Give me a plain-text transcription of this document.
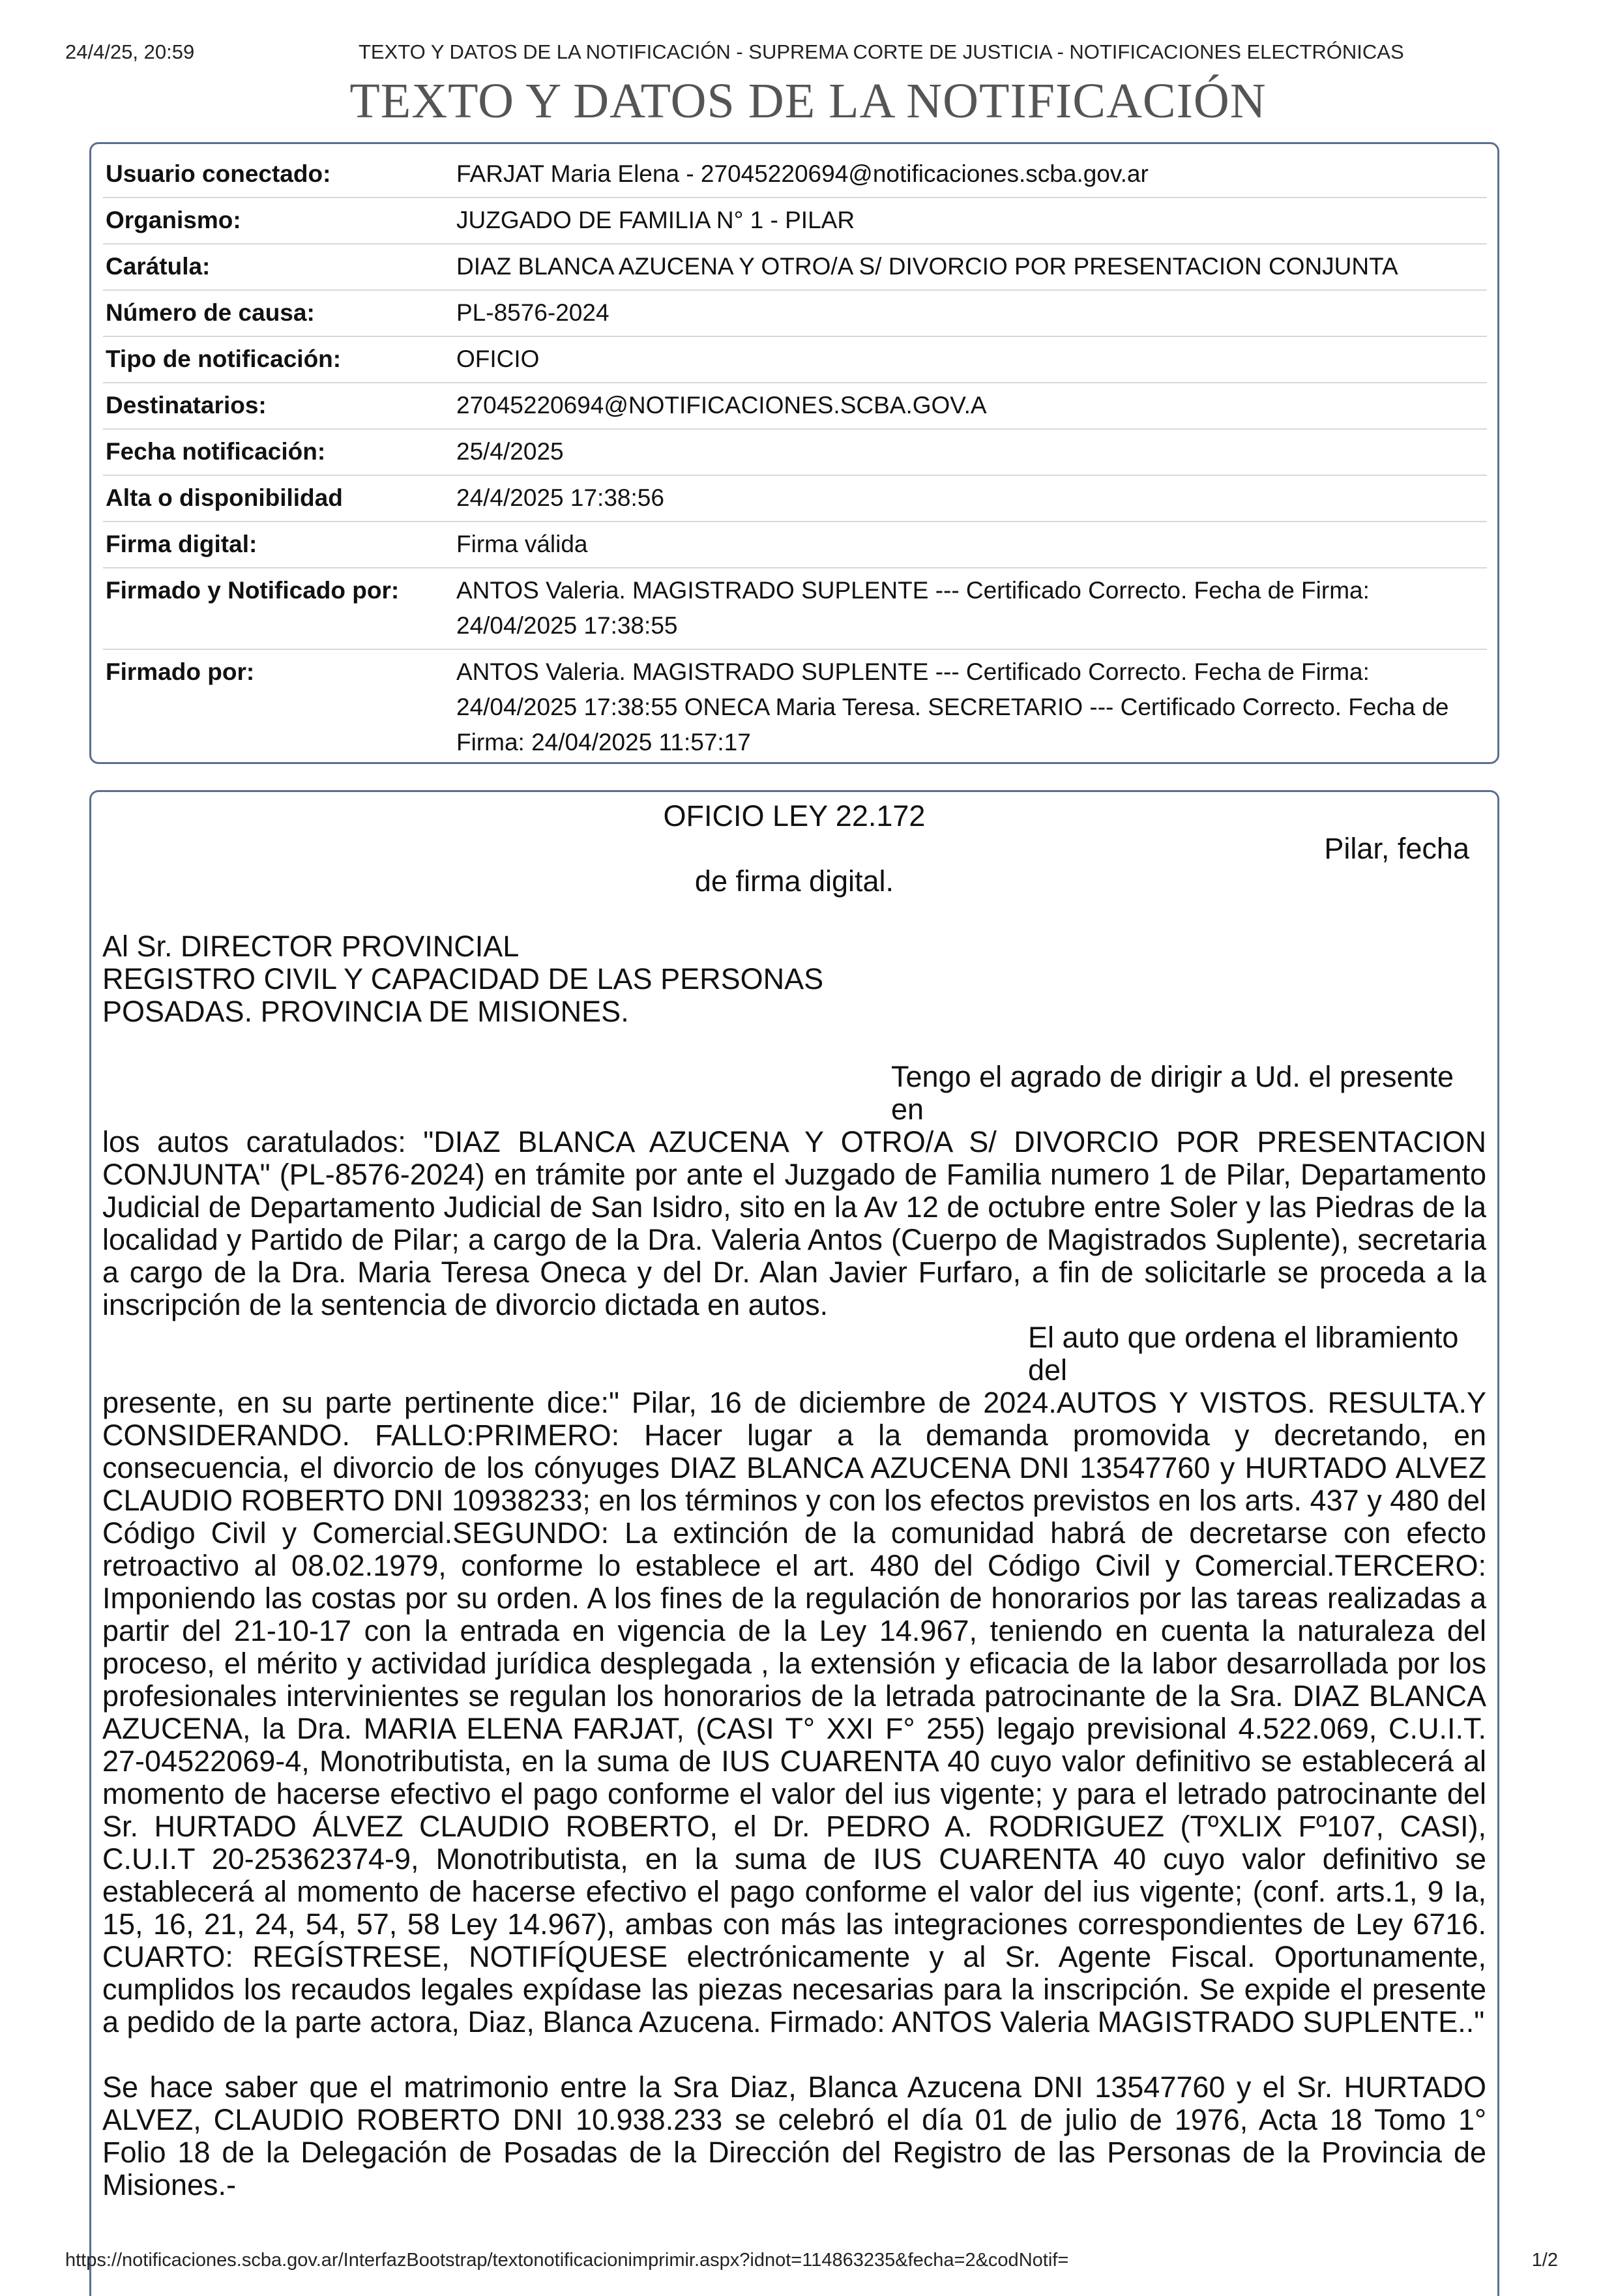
24/4/25, 20:59	TEXTO Y DATOS DE LA NOTIFICACIÓN - SUPREMA CORTE DE JUSTICIA - NOTIFICACIONES ELECTRÓNICAS
TEXTO Y DATOS DE LA NOTIFICACIÓN
Usuario conectado:	FARJAT Maria Elena - 27045220694@notificaciones.scba.gov.ar
Organismo:	JUZGADO DE FAMILIA N° 1 - PILAR
Carátula:	DIAZ BLANCA AZUCENA Y OTRO/A S/ DIVORCIO POR PRESENTACION CONJUNTA
Número de causa:	PL-8576-2024
Tipo de notificación:	OFICIO
Destinatarios:	27045220694@NOTIFICACIONES.SCBA.GOV.A
Fecha notificación:	25/4/2025
Alta o disponibilidad	24/4/2025 17:38:56
Firma digital:	Firma válida
Firmado y Notificado por:	ANTOS Valeria. MAGISTRADO SUPLENTE --- Certificado Correcto. Fecha de Firma: 24/04/2025 17:38:55
Firmado por:	ANTOS Valeria. MAGISTRADO SUPLENTE --- Certificado Correcto. Fecha de Firma: 24/04/2025 17:38:55 ONECA Maria Teresa. SECRETARIO --- Certificado Correcto. Fecha de Firma: 24/04/2025 11:57:17
OFICIO LEY 22.172
Pilar, fecha
de firma digital.
Al Sr. DIRECTOR PROVINCIAL
REGISTRO CIVIL Y CAPACIDAD DE LAS PERSONAS
POSADAS. PROVINCIA DE MISIONES.
Tengo el agrado de dirigir a Ud. el presente en
los autos caratulados: "DIAZ BLANCA AZUCENA Y OTRO/A S/ DIVORCIO POR PRESENTACION CONJUNTA" (PL-8576-2024) en trámite por ante el Juzgado de Familia numero 1 de Pilar, Departamento Judicial de Departamento Judicial de San Isidro, sito en la Av 12 de octubre entre Soler y las Piedras de la localidad y Partido de Pilar; a cargo de la Dra. Valeria Antos (Cuerpo de Magistrados Suplente), secretaria a cargo de la Dra. Maria Teresa Oneca y del Dr. Alan Javier Furfaro, a fin de solicitarle se proceda a la inscripción de la sentencia de divorcio dictada en autos.
El auto que ordena el libramiento del
presente, en su parte pertinente dice:" Pilar, 16 de diciembre de 2024.AUTOS Y VISTOS. RESULTA.Y CONSIDERANDO. FALLO:PRIMERO: Hacer lugar a la demanda promovida y decretando, en consecuencia, el divorcio de los cónyuges DIAZ BLANCA AZUCENA DNI 13547760 y HURTADO ALVEZ CLAUDIO ROBERTO DNI 10938233; en los términos y con los efectos previstos en los arts. 437 y 480 del Código Civil y Comercial.SEGUNDO: La extinción de la comunidad habrá de decretarse con efecto retroactivo al 08.02.1979, conforme lo establece el art. 480 del Código Civil y Comercial.TERCERO: Imponiendo las costas por su orden. A los fines de la regulación de honorarios por las tareas realizadas a partir del 21-10-17 con la entrada en vigencia de la Ley 14.967, teniendo en cuenta la naturaleza del proceso, el mérito y actividad jurídica desplegada , la extensión y eficacia de la labor desarrollada por los profesionales intervinientes se regulan los honorarios de la letrada patrocinante de la Sra. DIAZ BLANCA AZUCENA, la Dra. MARIA ELENA FARJAT, (CASI T° XXI F° 255) legajo previsional 4.522.069, C.U.I.T. 27-04522069-4, Monotributista, en la suma de IUS CUARENTA 40 cuyo valor definitivo se establecerá al momento de hacerse efectivo el pago conforme el valor del ius vigente; y para el letrado patrocinante del Sr. HURTADO ÁLVEZ CLAUDIO ROBERTO, el Dr. PEDRO A. RODRIGUEZ (TºXLIX Fº107, CASI), C.U.I.T 20-25362374-9, Monotributista, en la suma de IUS CUARENTA 40 cuyo valor definitivo se establecerá al momento de hacerse efectivo el pago conforme el valor del ius vigente; (conf. arts.1, 9 Ia, 15, 16, 21, 24, 54, 57, 58 Ley 14.967), ambas con más las integraciones correspondientes de Ley 6716. CUARTO: REGÍSTRESE, NOTIFÍQUESE electrónicamente y al Sr. Agente Fiscal. Oportunamente, cumplidos los recaudos legales expídase las piezas necesarias para la inscripción. Se expide el presente a pedido de la parte actora, Diaz, Blanca Azucena. Firmado: ANTOS Valeria MAGISTRADO SUPLENTE.."
Se hace saber que el matrimonio entre la Sra Diaz, Blanca Azucena DNI 13547760 y el Sr. HURTADO ALVEZ, CLAUDIO ROBERTO DNI 10.938.233 se celebró el día 01 de julio de 1976, Acta 18 Tomo 1° Folio 18 de la Delegación de Posadas de la Dirección del Registro de las Personas de la Provincia de Misiones.-
https://notificaciones.scba.gov.ar/InterfazBootstrap/textonotificacionimprimir.aspx?idnot=114863235&fecha=2&codNotif=	1/2
